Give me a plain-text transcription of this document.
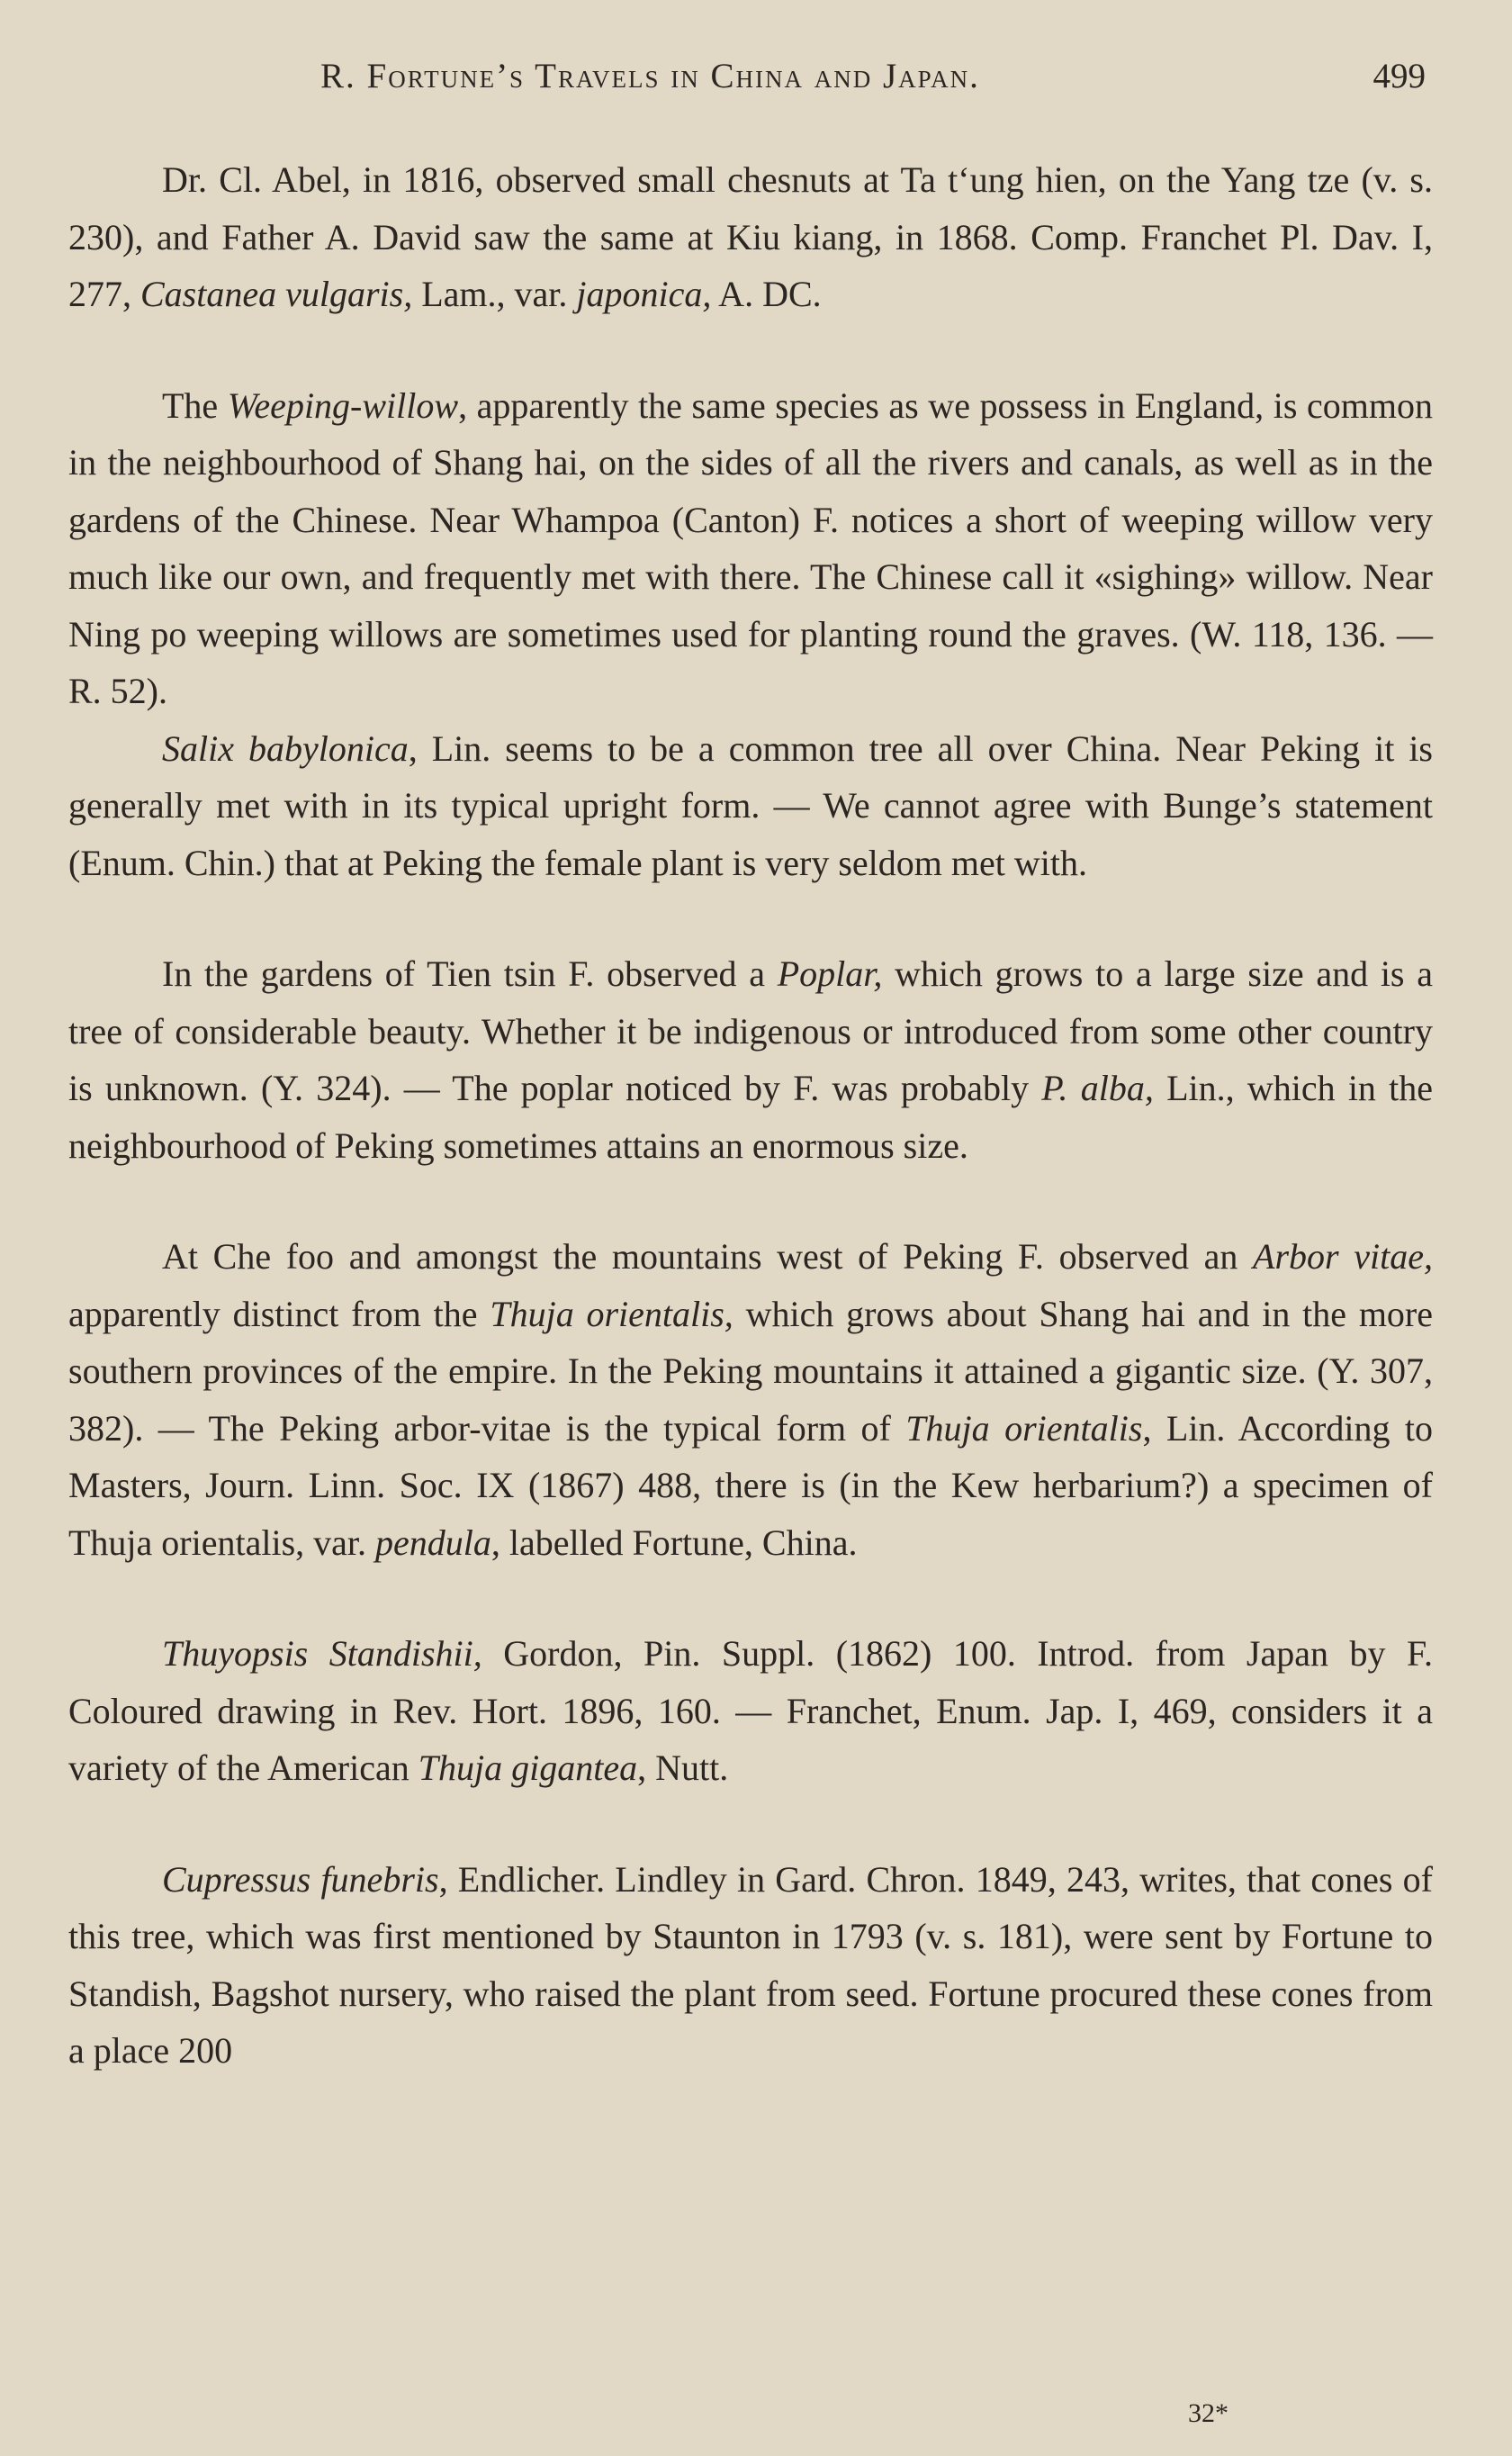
R. Fortune’s Travels in China and Japan.	499

Dr. Cl. Abel, in 1816, observed small chesnuts at Ta tʻung hien, on the Yang tze (v. s. 230), and Father A. David saw the same at Kiu kiang, in 1868. Comp. Franchet Pl. Dav. I, 277, Castanea vulgaris, Lam., var. japonica, A. DC.

The Weeping-willow, apparently the same species as we possess in England, is common in the neighbourhood of Shang hai, on the sides of all the rivers and canals, as well as in the gardens of the Chinese. Near Whampoa (Canton) F. notices a short of weeping willow very much like our own, and frequently met with there. The Chinese call it «sighing» willow. Near Ning po weeping willows are sometimes used for planting round the graves. (W. 118, 136. — R. 52).

Salix babylonica, Lin. seems to be a common tree all over China. Near Peking it is generally met with in its typical upright form. — We cannot agree with Bunge’s statement (Enum. Chin.) that at Peking the female plant is very seldom met with.

In the gardens of Tien tsin F. observed a Poplar, which grows to a large size and is a tree of considerable beauty. Whether it be indigenous or introduced from some other country is unknown. (Y. 324). — The poplar noticed by F. was probably P. alba, Lin., which in the neighbourhood of Peking sometimes attains an enormous size.

At Che foo and amongst the mountains west of Peking F. observed an Arbor vitae, apparently distinct from the Thuja orientalis, which grows about Shang hai and in the more southern provinces of the empire. In the Peking mountains it attained a gigantic size. (Y. 307, 382). — The Peking arbor-vitae is the typical form of Thuja orientalis, Lin. According to Masters, Journ. Linn. Soc. IX (1867) 488, there is (in the Kew herbarium?) a specimen of Thuja orientalis, var. pendula, labelled Fortune, China.

Thuyopsis Standishii, Gordon, Pin. Suppl. (1862) 100. Introd. from Japan by F. Coloured drawing in Rev. Hort. 1896, 160. — Franchet, Enum. Jap. I, 469, considers it a variety of the American Thuja gigantea, Nutt.

Cupressus funebris, Endlicher. Lindley in Gard. Chron. 1849, 243, writes, that cones of this tree, which was first mentioned by Staunton in 1793 (v. s. 181), were sent by Fortune to Standish, Bagshot nursery, who raised the plant from seed. Fortune procured these cones from a place 200

32*
